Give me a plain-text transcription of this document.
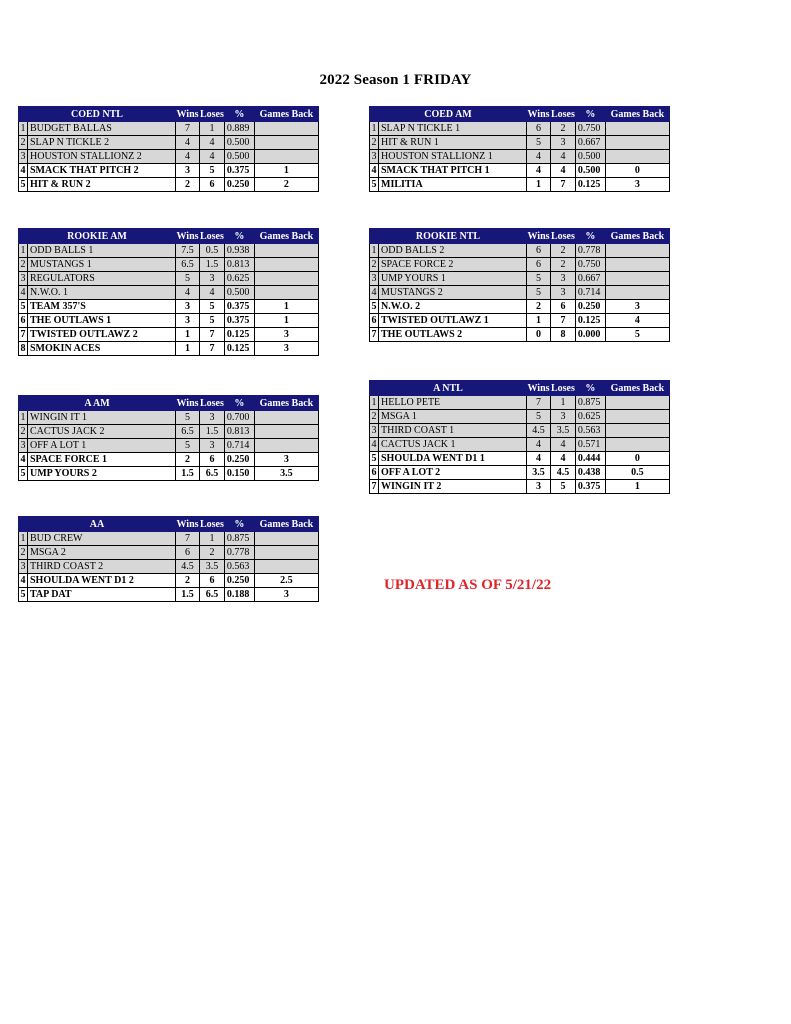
2022 Season 1 FRIDAY
COED NTL		Wins	Loses	%	Games Back
1	BUDGET BALLAS	7	1	0.889	
2	SLAP N TICKLE 2	4	4	0.500	
3	HOUSTON STALLIONZ 2	4	4	0.500	
4	SMACK THAT PITCH 2	3	5	0.375	1
5	HIT & RUN 2	2	6	0.250	2
COED AM		Wins	Loses	%	Games Back
1	SLAP N TICKLE 1	6	2	0.750	
2	HIT & RUN 1	5	3	0.667	
3	HOUSTON STALLIONZ 1	4	4	0.500	
4	SMACK THAT PITCH 1	4	4	0.500	0
5	MILITIA	1	7	0.125	3
ROOKIE AM		Wins	Loses	%	Games Back
1	ODD BALLS 1	7.5	0.5	0.938	
2	MUSTANGS 1	6.5	1.5	0.813	
3	REGULATORS	5	3	0.625	
4	N.W.O. 1	4	4	0.500	
5	TEAM 357'S	3	5	0.375	1
6	THE OUTLAWS 1	3	5	0.375	1
7	TWISTED OUTLAWZ 2	1	7	0.125	3
8	SMOKIN ACES	1	7	0.125	3
ROOKIE NTL		Wins	Loses	%	Games Back
1	ODD BALLS 2	6	2	0.778	
2	SPACE FORCE 2	6	2	0.750	
3	UMP YOURS 1	5	3	0.667	
4	MUSTANGS 2	5	3	0.714	
5	N.W.O. 2	2	6	0.250	3
6	TWISTED OUTLAWZ 1	1	7	0.125	4
7	THE OUTLAWS 2	0	8	0.000	5
A NTL		Wins	Loses	%	Games Back
1	HELLO PETE	7	1	0.875	
2	MSGA 1	5	3	0.625	
3	THIRD COAST 1	4.5	3.5	0.563	
4	CACTUS JACK 1	4	4	0.571	
5	SHOULDA WENT D1 1	4	4	0.444	0
6	OFF A LOT 2	3.5	4.5	0.438	0.5
7	WINGIN IT 2	3	5	0.375	1
A AM		Wins	Loses	%	Games Back
1	WINGIN IT 1	5	3	0.700	
2	CACTUS JACK 2	6.5	1.5	0.813	
3	OFF A LOT 1	5	3	0.714	
4	SPACE FORCE 1	2	6	0.250	3
5	UMP YOURS 2	1.5	6.5	0.150	3.5
AA		Wins	Loses	%	Games Back
1	BUD CREW	7	1	0.875	
2	MSGA 2	6	2	0.778	
3	THIRD COAST 2	4.5	3.5	0.563	
4	SHOULDA WENT D1 2	2	6	0.250	2.5
5	TAP DAT	1.5	6.5	0.188	3
UPDATED AS OF 5/21/22
